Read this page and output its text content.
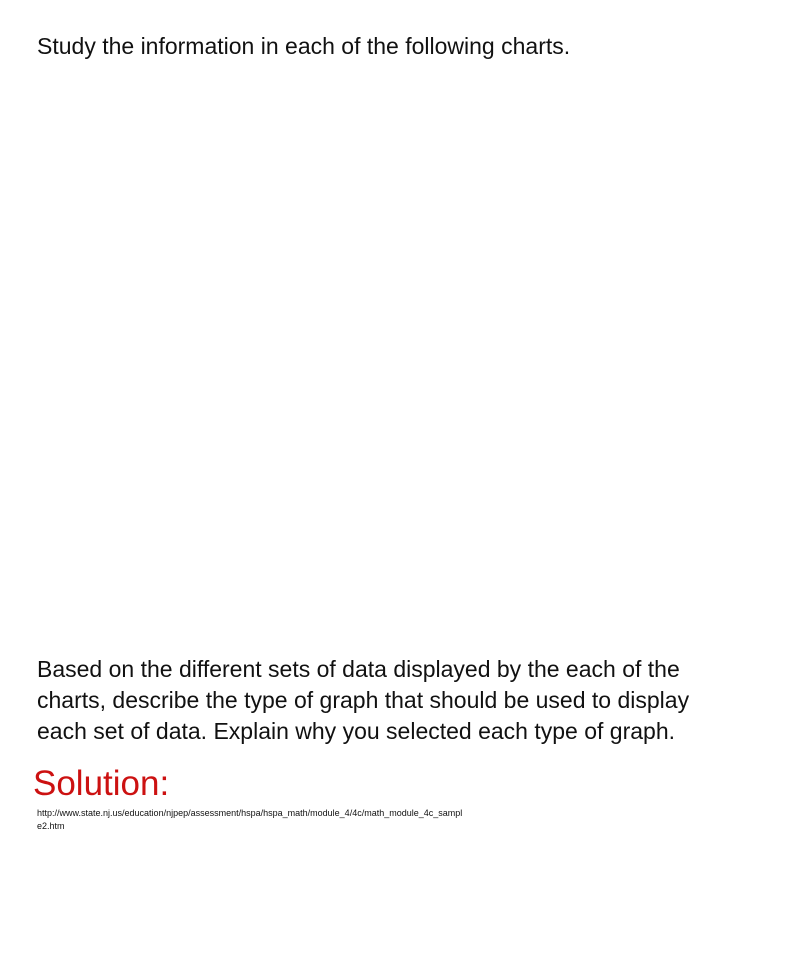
Study the information in each of the following charts.

Based on the different sets of data displayed by the each of the
charts, describe the type of graph that should be used to display
each set of data. Explain why you selected each type of graph.

Solution:
http://www.state.nj.us/education/njpep/assessment/hspa/hspa_math/module_4/4c/math_module_4c_sampl
e2.htm
